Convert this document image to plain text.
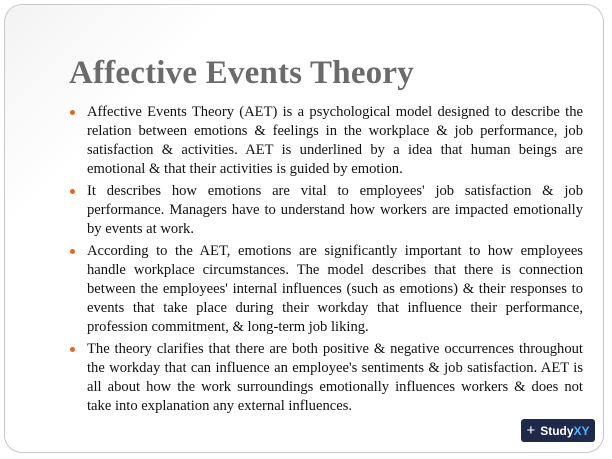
Affective Events Theory
Affective Events Theory (AET) is a psychological model designed to describe the relation between emotions & feelings in the workplace & job performance, job satisfaction & activities. AET is underlined by a idea that human beings are emotional & that their activities is guided by emotion.
It describes how emotions are vital to employees' job satisfaction & job performance. Managers have to understand how workers are impacted emotionally by events at work.
According to the AET, emotions are significantly important to how employees handle workplace circumstances. The model describes that there is connection between the employees' internal influences (such as emotions) & their responses to events that take place during their workday that influence their performance, profession commitment, & long-term job liking.
The theory clarifies that there are both positive & negative occurrences throughout the workday that can influence an employee's sentiments & job satisfaction. AET is all about how the work surroundings emotionally influences workers & does not take into explanation any external influences.
+ Study XY
